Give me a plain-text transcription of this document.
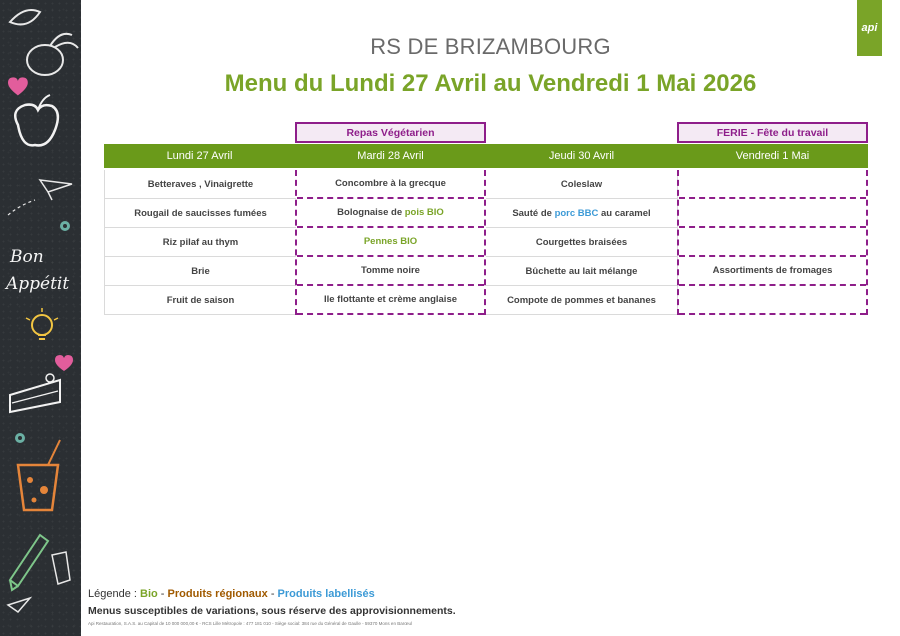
Bon
Appétit
api
RS DE BRIZAMBOURG
Menu du Lundi 27 Avril au Vendredi 1 Mai 2026
Lundi 27 Avril
Betteraves , Vinaigrette
Rougail de saucisses fumées
Riz pilaf au thym
Brie
Fruit de saison
Repas Végétarien
Mardi 28 Avril
Concombre à la grecque
Bolognaise de pois BIO
Pennes BIO
Tomme noire
Ile flottante et crème anglaise
Jeudi 30 Avril
Coleslaw
Sauté de porc BBC au caramel
Courgettes braisées
Bûchette au lait mélange
Compote de pommes et bananes
FERIE - Fête du travail
Vendredi 1 Mai
Assortiments de fromages
Légende : Bio - Produits régionaux - Produits labellisés
Menus susceptibles de variations, sous réserve des approvisionnements.
Api Restauration, S.A.S. au Capital de 10 000 000,00 € - RCS Lille Métropole : 477 181 010 - Siège social: 384 rue du Général de Gaulle - 59370 Mons en Barœul
